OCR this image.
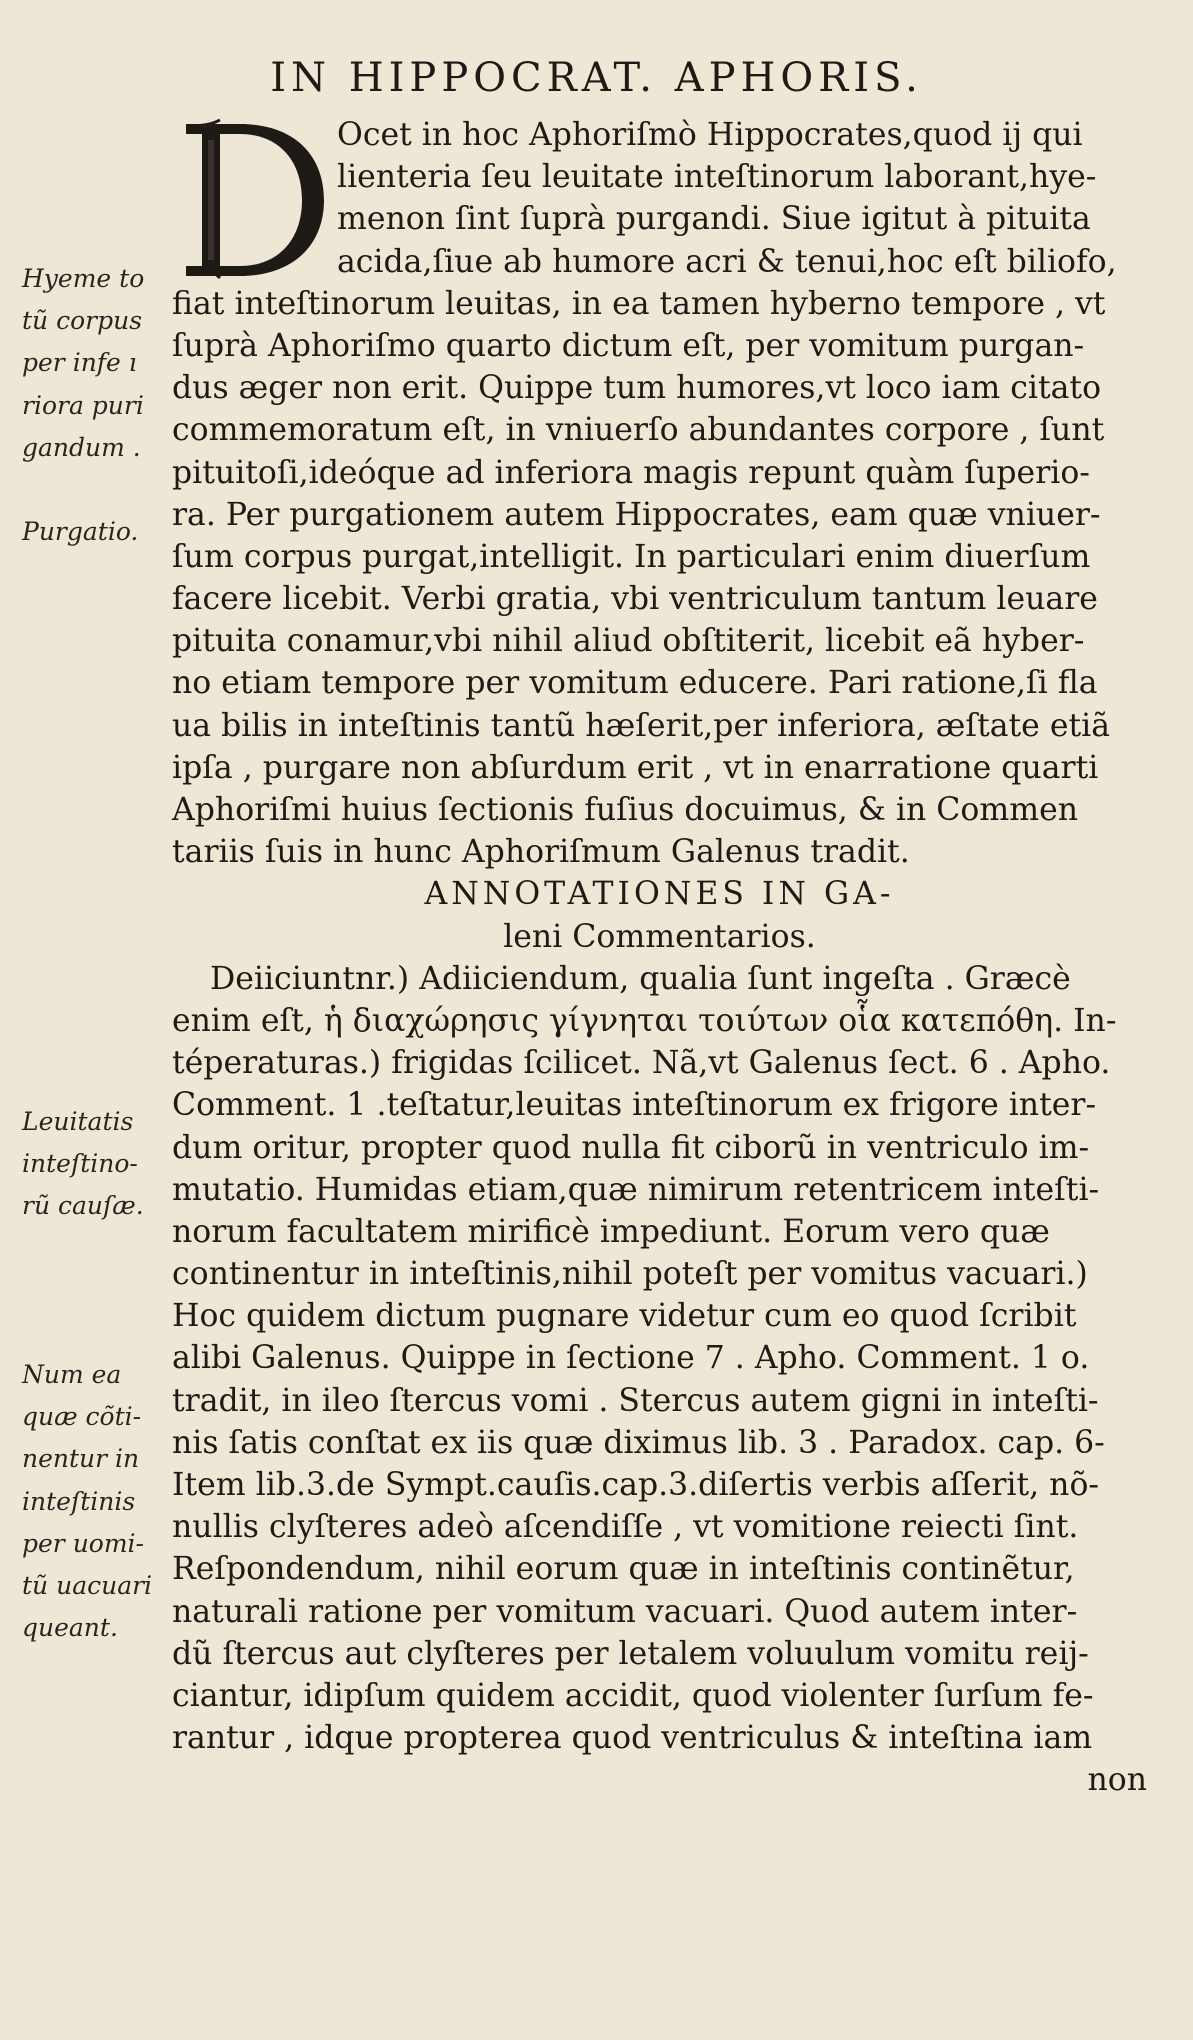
IN HIPPOCRAT. APHORIS.
Ocet in hoc Aphoriſmò Hippocrates,quod ij qui
lienteria ſeu leuitate inteſtinorum laborant,hye-
menon ſint ſuprà purgandi. Siue igitut à pituita
acida,ſiue ab humore acri & tenui,hoc eſt biliofo,
fiat inteſtinorum leuitas, in ea tamen hyberno tempore , vt
ſuprà Aphoriſmo quarto dictum eſt, per vomitum purgan-
dus æger non erit. Quippe tum humores,vt loco iam citato
commemoratum eſt, in vniuerſo abundantes corpore , ſunt
pituitoſi,ideóque ad inferiora magis repunt quàm ſuperio-
ra. Per purgationem autem Hippocrates, eam quæ vniuer-
ſum corpus purgat,intelligit. In particulari enim diuerſum
facere licebit. Verbi gratia, vbi ventriculum tantum leuare
pituita conamur,vbi nihil aliud obſtiterit, licebit eã hyber-
no etiam tempore per vomitum educere. Pari ratione,ſi fla
ua bilis in inteſtinis tantũ hæſerit,per inferiora, æſtate etiã
ipſa , purgare non abſurdum erit , vt in enarratione quarti
Aphoriſmi huius ſectionis fuſius docuimus, & in Commen
tariis ſuis in hunc Aphoriſmum Galenus tradit.
ANNOTATIONES IN GA-
leni Commentarios.
Deiiciuntnr.) Adiiciendum, qualia ſunt ingeſta . Græcè
enim eſt, ἡ διαχώρησις γίγνηται τοιύτων οἷα κατεπόθη. In-
téperaturas.) frigidas ſcilicet. Nã,vt Galenus ſect. 6 . Apho.
Comment. 1 .teſtatur,leuitas inteſtinorum ex frigore inter-
dum oritur, propter quod nulla fit ciborũ in ventriculo im-
mutatio. Humidas etiam,quæ nimirum retentricem inteſti-
norum facultatem mirificè impediunt. Eorum vero quæ
continentur in inteſtinis,nihil poteſt per vomitus vacuari.)
Hoc quidem dictum pugnare videtur cum eo quod ſcribit
alibi Galenus. Quippe in ſectione 7 . Apho. Comment. 1 o.
tradit, in ileo ſtercus vomi . Stercus autem gigni in inteſti-
nis ſatis conſtat ex iis quæ diximus lib. 3 . Paradox. cap. 6-
Item lib.3.de Sympt.cauſis.cap.3.diſertis verbis aſſerit, nõ-
nullis clyſteres adeò aſcendiſſe , vt vomitione reiecti ſint.
Reſpondendum, nihil eorum quæ in inteſtinis continẽtur,
naturali ratione per vomitum vacuari. Quod autem inter-
dũ ſtercus aut clyſteres per letalem voluulum vomitu reij-
ciantur, idipſum quidem accidit, quod violenter ſurſum fe-
rantur , idque propterea quod ventriculus & inteſtina iam
non
Hyeme to
tũ corpus
per infe ı
riora puri
gandum .
Purgatio.
Leuitatis
inteſtino-
rũ cauſæ.
Num ea
quæ cõti-
nentur in
inteſtinis
per uomi-
tũ uacuari
queant.
